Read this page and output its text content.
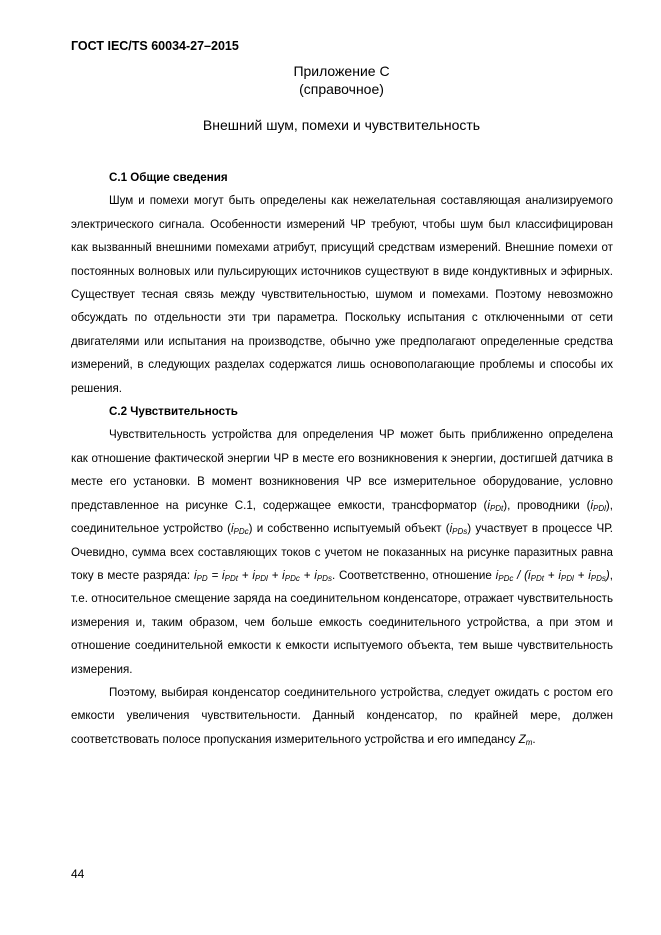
ГОСТ IEC/TS 60034-27–2015
Приложение С
(справочное)
Внешний шум, помехи и чувствительность
С.1 Общие сведения

Шум и помехи могут быть определены как нежелательная составляющая анализируемого электрического сигнала. Особенности измерений ЧР требуют, чтобы шум был классифицирован как вызванный внешними помехами атрибут, присущий средствам измерений. Внешние помехи от постоянных волновых или пульсирующих источников существуют в виде кондуктивных и эфирных. Существует тесная связь между чувствительностью, шумом и помехами. Поэтому невозможно обсуждать по отдельности эти три параметра. Поскольку испытания с отключенными от сети двигателями или испытания на производстве, обычно уже предполагают определенные средства измерений, в следующих разделах содержатся лишь основополагающие проблемы и способы их решения.

С.2 Чувствительность

Чувствительность устройства для определения ЧР может быть приближенно определена как отношение фактической энергии ЧР в месте его возникновения к энергии, достигшей датчика в месте его установки. В момент возникновения ЧР все измерительное оборудование, условно представленное на рисунке С.1, содержащее емкости, трансформатор $(i_{PDt})$, проводники $(i_{PDl})$, соединительное устройство $(i_{PDc})$ и собственно испытуемый объект $(i_{PDs})$ участвует в процессе ЧР. Очевидно, сумма всех составляющих токов с учетом не показанных на рисунке паразитных равна току в месте разряда: $i_{PD} = i_{PDt} + i_{PDl} + i_{PDc} + i_{PDs}$. Соответственно, отношение $i_{PDc} / (i_{PDt} + i_{PDl} + i_{PDs})$, т.е. относительное смещение заряда на соединительном конденсаторе, отражает чувствительность измерения и, таким образом, чем больше емкость соединительного устройства, а при этом и отношение соединительной емкости к емкости испытуемого объекта, тем выше чувствительность измерения.

Поэтому, выбирая конденсатор соединительного устройства, следует ожидать с ростом его емкости увеличения чувствительности. Данный конденсатор, по крайней мере, должен соответствовать полосе пропускания измерительного устройства и его импедансу $Z_m$.

44
